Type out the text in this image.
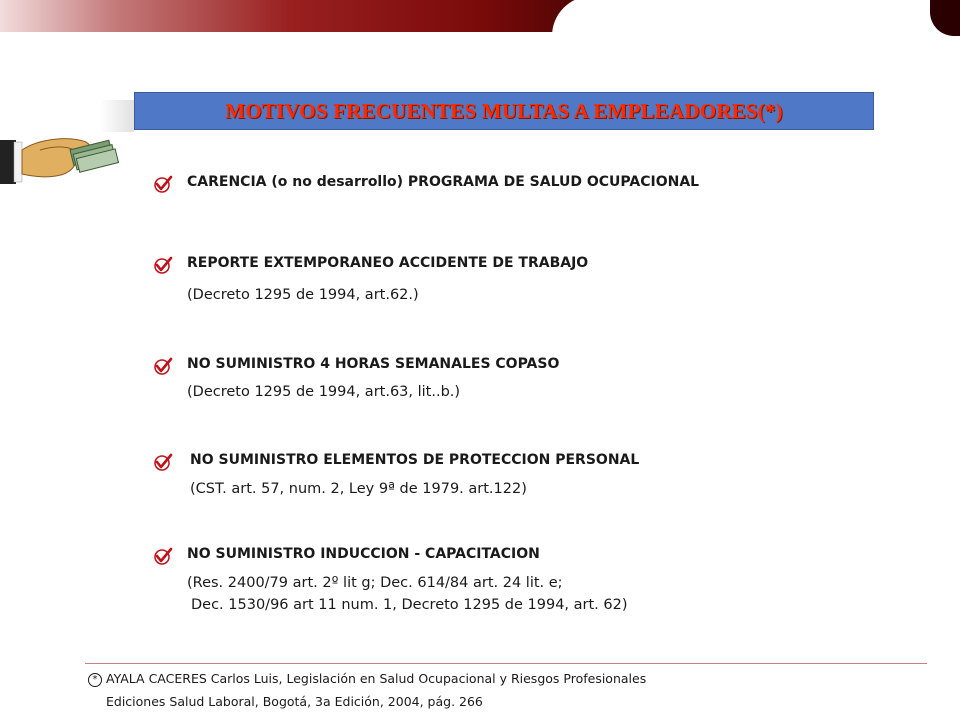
MOTIVOS FRECUENTES MULTAS A EMPLEADORES(*)
CARENCIA (o no desarrollo) PROGRAMA DE SALUD OCUPACIONAL
REPORTE EXTEMPORANEO ACCIDENTE DE TRABAJO
(Decreto 1295 de 1994, art.62.)
NO SUMINISTRO 4 HORAS SEMANALES COPASO
(Decreto 1295 de 1994, art.63, lit..b.)
NO SUMINISTRO ELEMENTOS DE PROTECCION PERSONAL
(CST. art. 57, num. 2, Ley 9ª de 1979. art.122)
NO SUMINISTRO INDUCCION - CAPACITACION
(Res. 2400/79 art. 2º lit g; Dec. 614/84 art. 24 lit. e;
Dec. 1530/96 art 11 num. 1, Decreto 1295 de 1994, art. 62)
* AYALA CACERES Carlos Luis, Legislación en Salud Ocupacional y Riesgos Profesionales
Ediciones Salud Laboral, Bogotá, 3a Edición, 2004, pág. 266
